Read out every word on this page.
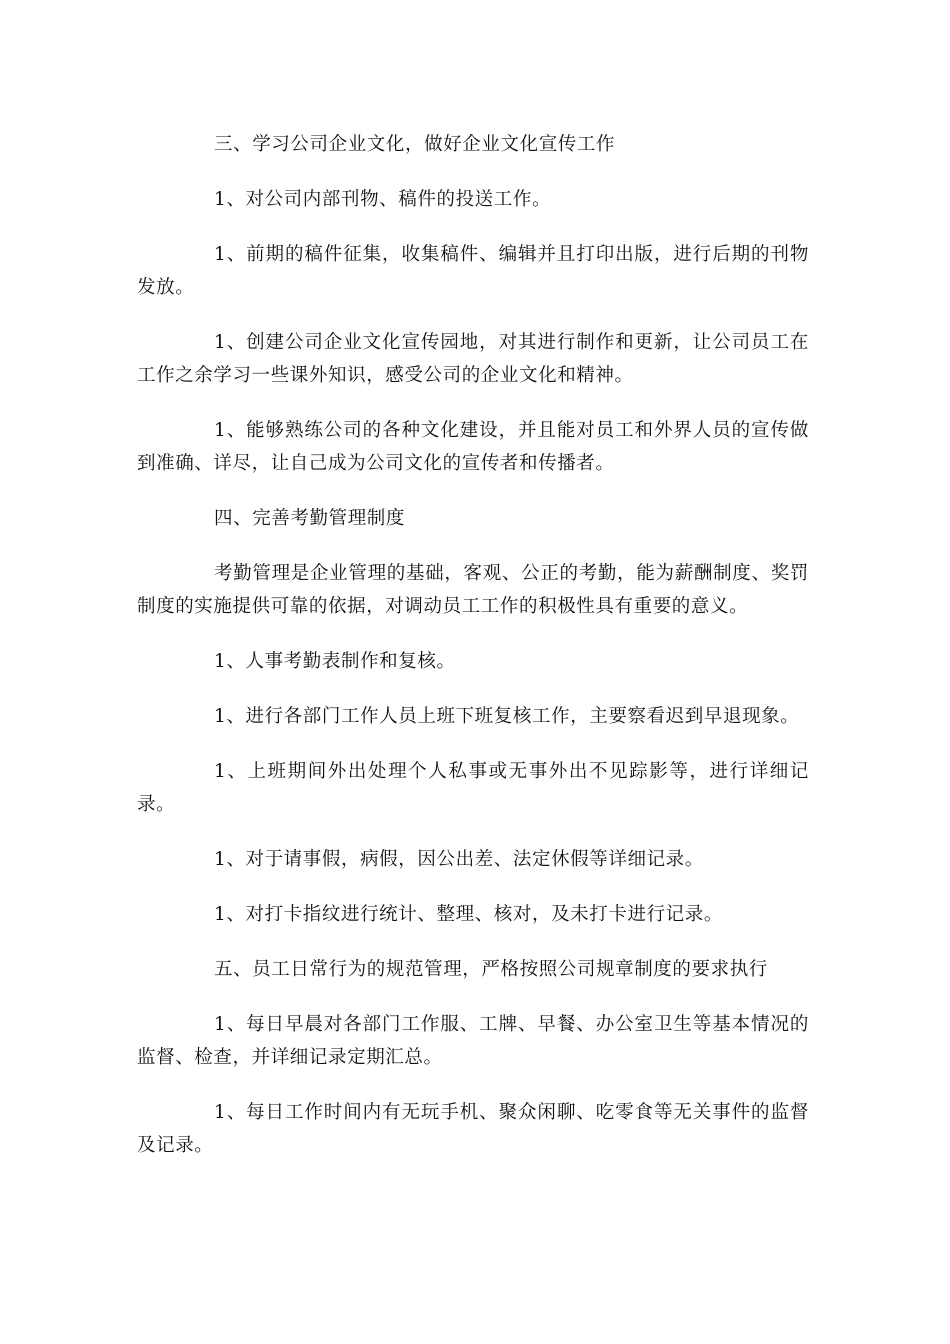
三、学习公司企业文化，做好企业文化宣传工作

1、对公司内部刊物、稿件的投送工作。

1、前期的稿件征集，收集稿件、编辑并且打印出版，进行后期的刊物发放。

1、创建公司企业文化宣传园地，对其进行制作和更新，让公司员工在工作之余学习一些课外知识，感受公司的企业文化和精神。

1、能够熟练公司的各种文化建设，并且能对员工和外界人员的宣传做到准确、详尽，让自己成为公司文化的宣传者和传播者。

四、完善考勤管理制度

考勤管理是企业管理的基础，客观、公正的考勤，能为薪酬制度、奖罚制度的实施提供可靠的依据，对调动员工工作的积极性具有重要的意义。

1、人事考勤表制作和复核。

1、进行各部门工作人员上班下班复核工作，主要察看迟到早退现象。

1、上班期间外出处理个人私事或无事外出不见踪影等，进行详细记录。

1、对于请事假，病假，因公出差、法定休假等详细记录。

1、对打卡指纹进行统计、整理、核对，及未打卡进行记录。

五、员工日常行为的规范管理，严格按照公司规章制度的要求执行

1、每日早晨对各部门工作服、工牌、早餐、办公室卫生等基本情况的监督、检查，并详细记录定期汇总。

1、每日工作时间内有无玩手机、聚众闲聊、吃零食等无关事件的监督及记录。
